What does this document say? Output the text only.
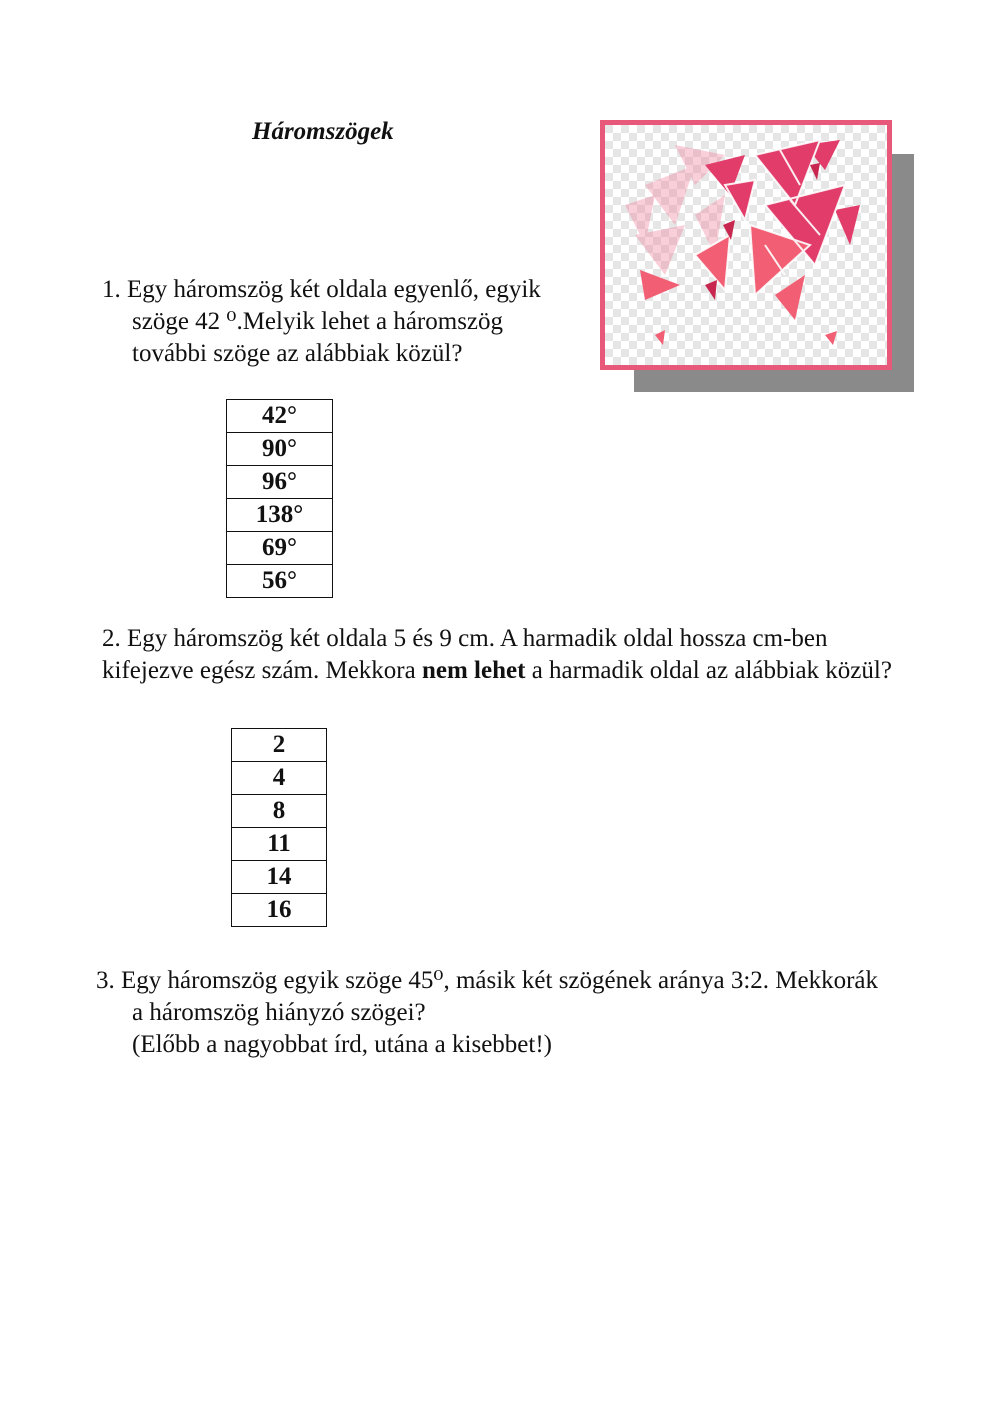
Háromszögek
1. Egy háromszög két oldala egyenlő, egyik
szöge 42 ⁰.Melyik lehet a háromszög
további szöge az alábbiak közül?
42°
90°
96°
138°
69°
56°
2. Egy háromszög két oldala 5 és 9 cm. A harmadik oldal hossza cm-ben kifejezve egész szám. Mekkora nem lehet a harmadik oldal az alábbiak közül?
2
4
8
11
14
16
3. Egy háromszög egyik szöge 45⁰, másik két szögének aránya 3:2. Mekkorák
a háromszög hiányzó szögei?
(Előbb a nagyobbat írd, utána a kisebbet!)
